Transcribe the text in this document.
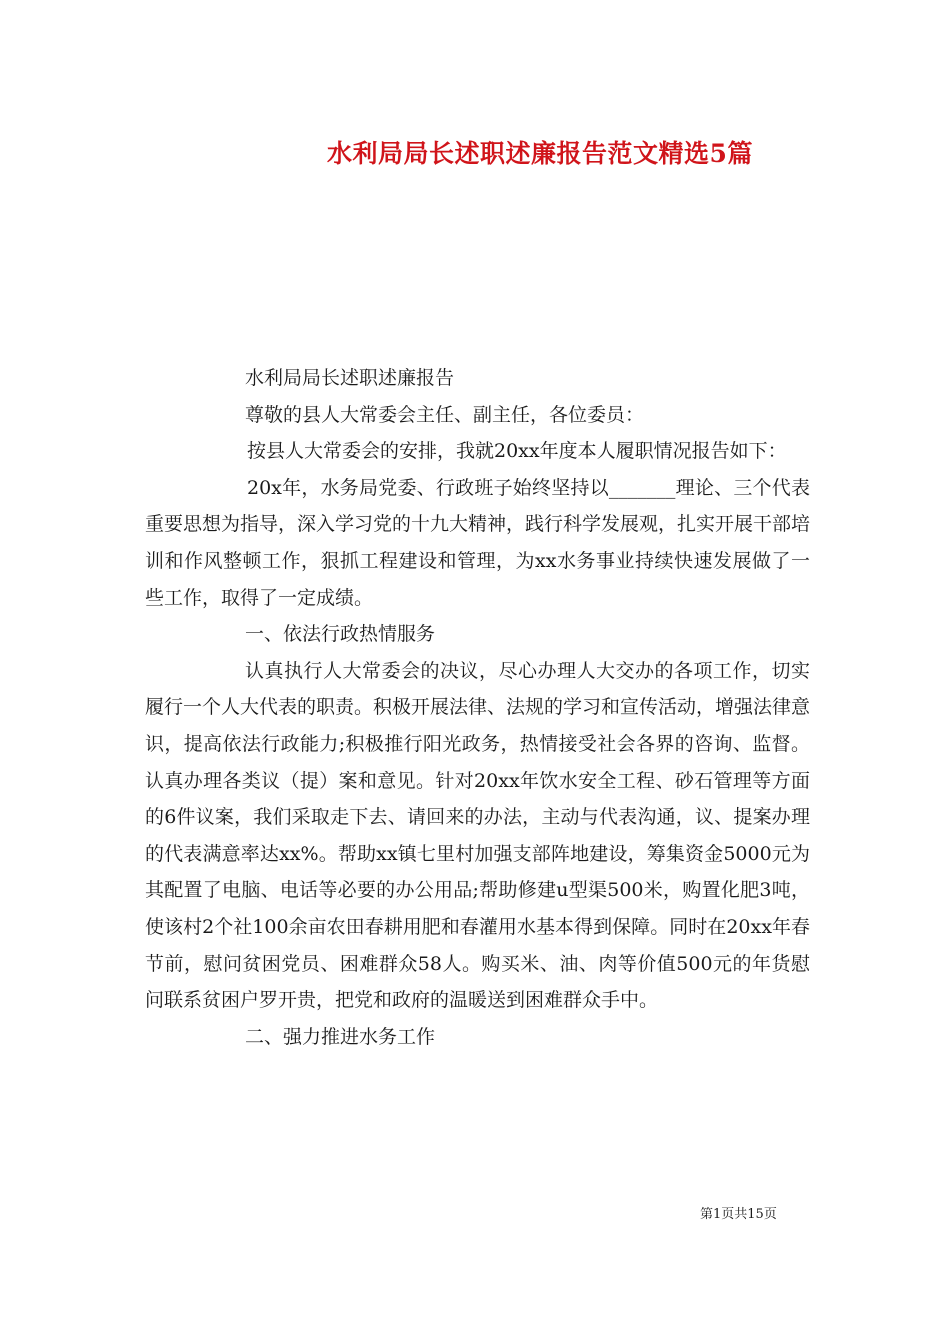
水利局局长述职述廉报告范文精选5篇

水利局局长述职述廉报告

尊敬的县人大常委会主任、副主任，各位委员：

按县人大常委会的安排，我就20xx年度本人履职情况报告如下：

20x年，水务局党委、行政班子始终坚持以_______理论、三个代表重要思想为指导，深入学习党的十九大精神，践行科学发展观，扎实开展干部培训和作风整顿工作，狠抓工程建设和管理，为xx水务事业持续快速发展做了一些工作，取得了一定成绩。

一、依法行政热情服务

认真执行人大常委会的决议，尽心办理人大交办的各项工作，切实履行一个人大代表的职责。积极开展法律、法规的学习和宣传活动，增强法律意识，提高依法行政能力;积极推行阳光政务，热情接受社会各界的咨询、监督。认真办理各类议（提）案和意见。针对20xx年饮水安全工程、砂石管理等方面的6件议案，我们采取走下去、请回来的办法，主动与代表沟通，议、提案办理的代表满意率达xx%。帮助xx镇七里村加强支部阵地建设，筹集资金5000元为其配置了电脑、电话等必要的办公用品;帮助修建u型渠500米，购置化肥3吨，使该村2个社100余亩农田春耕用肥和春灌用水基本得到保障。同时在20xx年春节前，慰问贫困党员、困难群众58人。购买米、油、肉等价值500元的年货慰问联系贫困户罗开贵，把党和政府的温暖送到困难群众手中。

二、强力推进水务工作

第1页共15页
